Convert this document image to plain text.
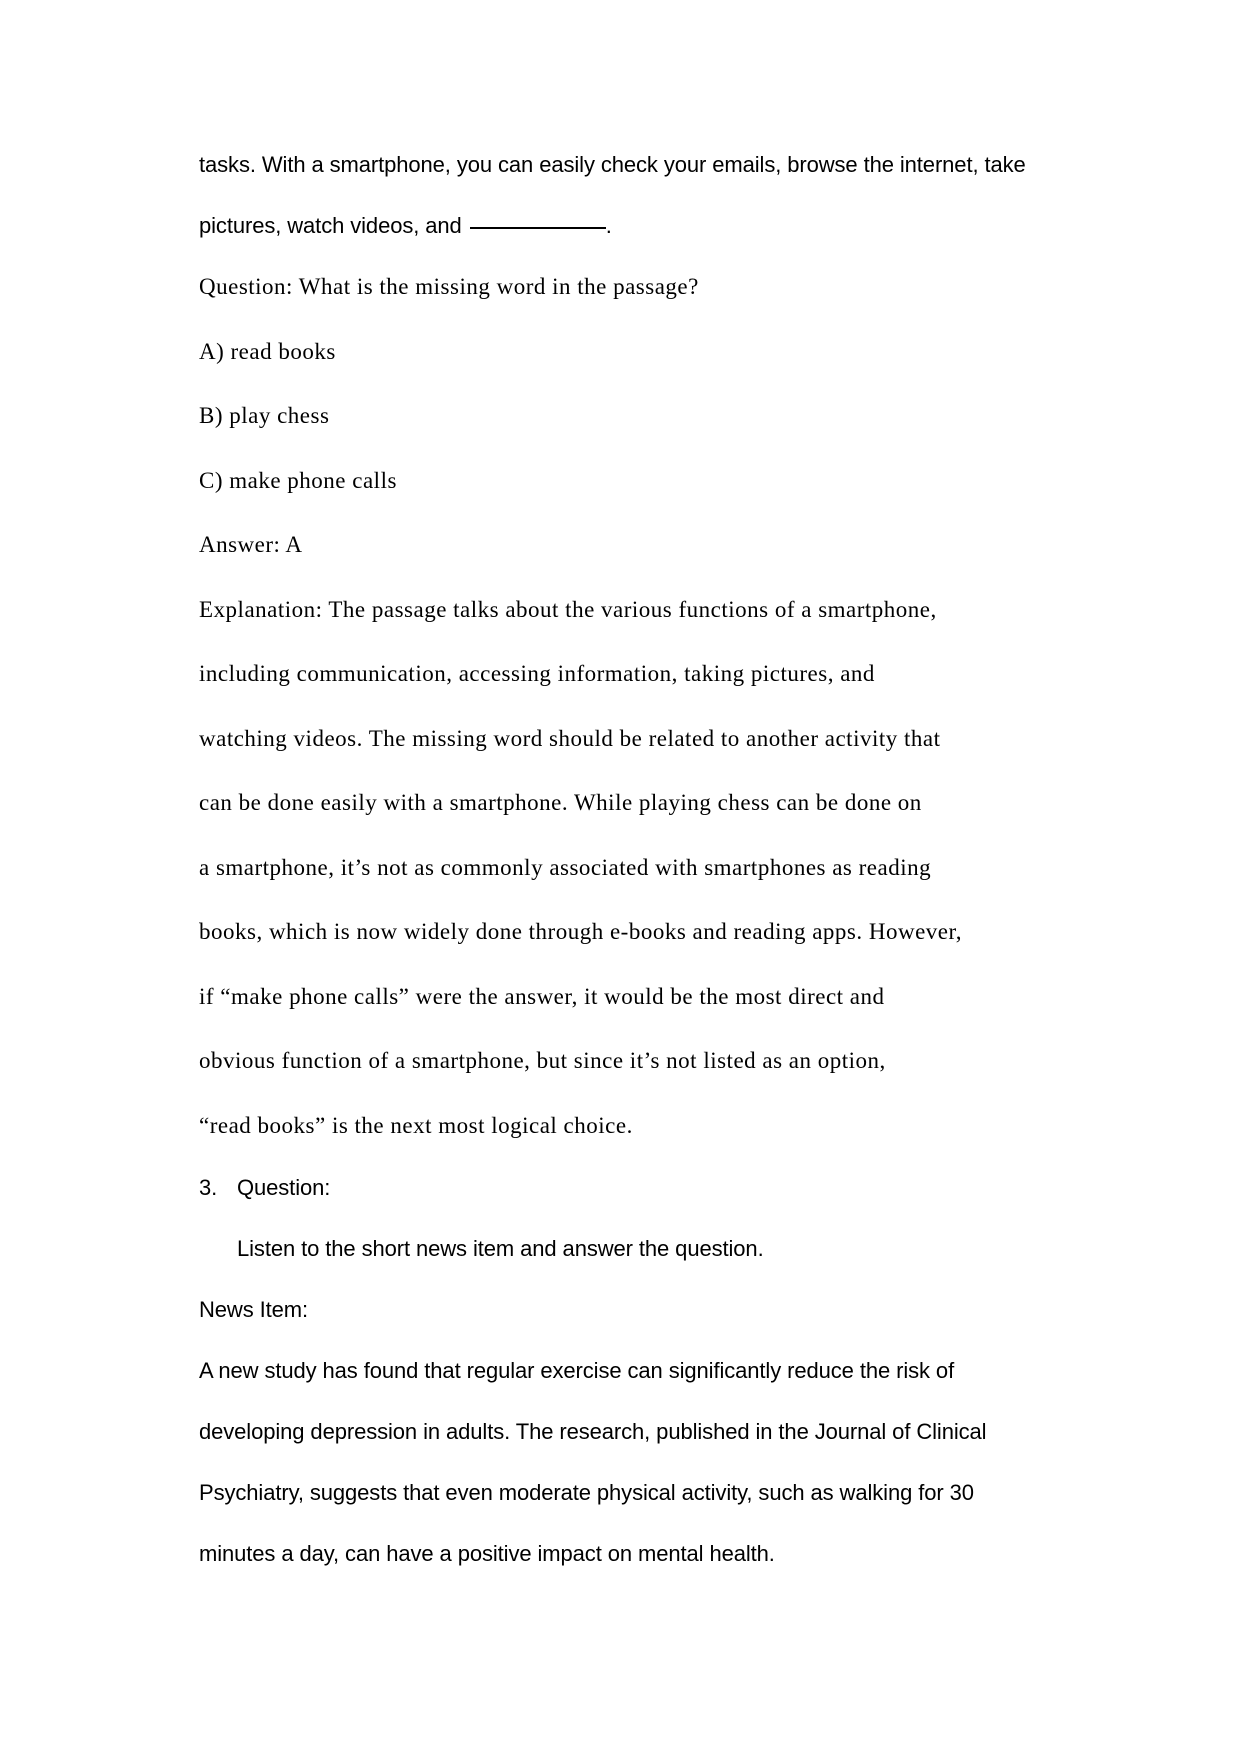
tasks. With a smartphone, you can easily check your emails, browse the internet, take
pictures, watch videos, and	.
Question: What is the missing word in the passage?
A) read books
B) play chess
C) make phone calls
Answer: A
Explanation: The passage talks about the various functions of a smartphone,
including communication, accessing information, taking pictures, and
watching videos. The missing word should be related to another activity that
can be done easily with a smartphone. While playing chess can be done on
a smartphone, it’s not as commonly associated with smartphones as reading
books, which is now widely done through e-books and reading apps. However,
if “make phone calls” were the answer, it would be the most direct and
obvious function of a smartphone, but since it’s not listed as an option,
“read books” is the next most logical choice.
3. Question:
Listen to the short news item and answer the question.
News Item:
A new study has found that regular exercise can significantly reduce the risk of
developing depression in adults. The research, published in the Journal of Clinical
Psychiatry, suggests that even moderate physical activity, such as walking for 30
minutes a day, can have a positive impact on mental health.
